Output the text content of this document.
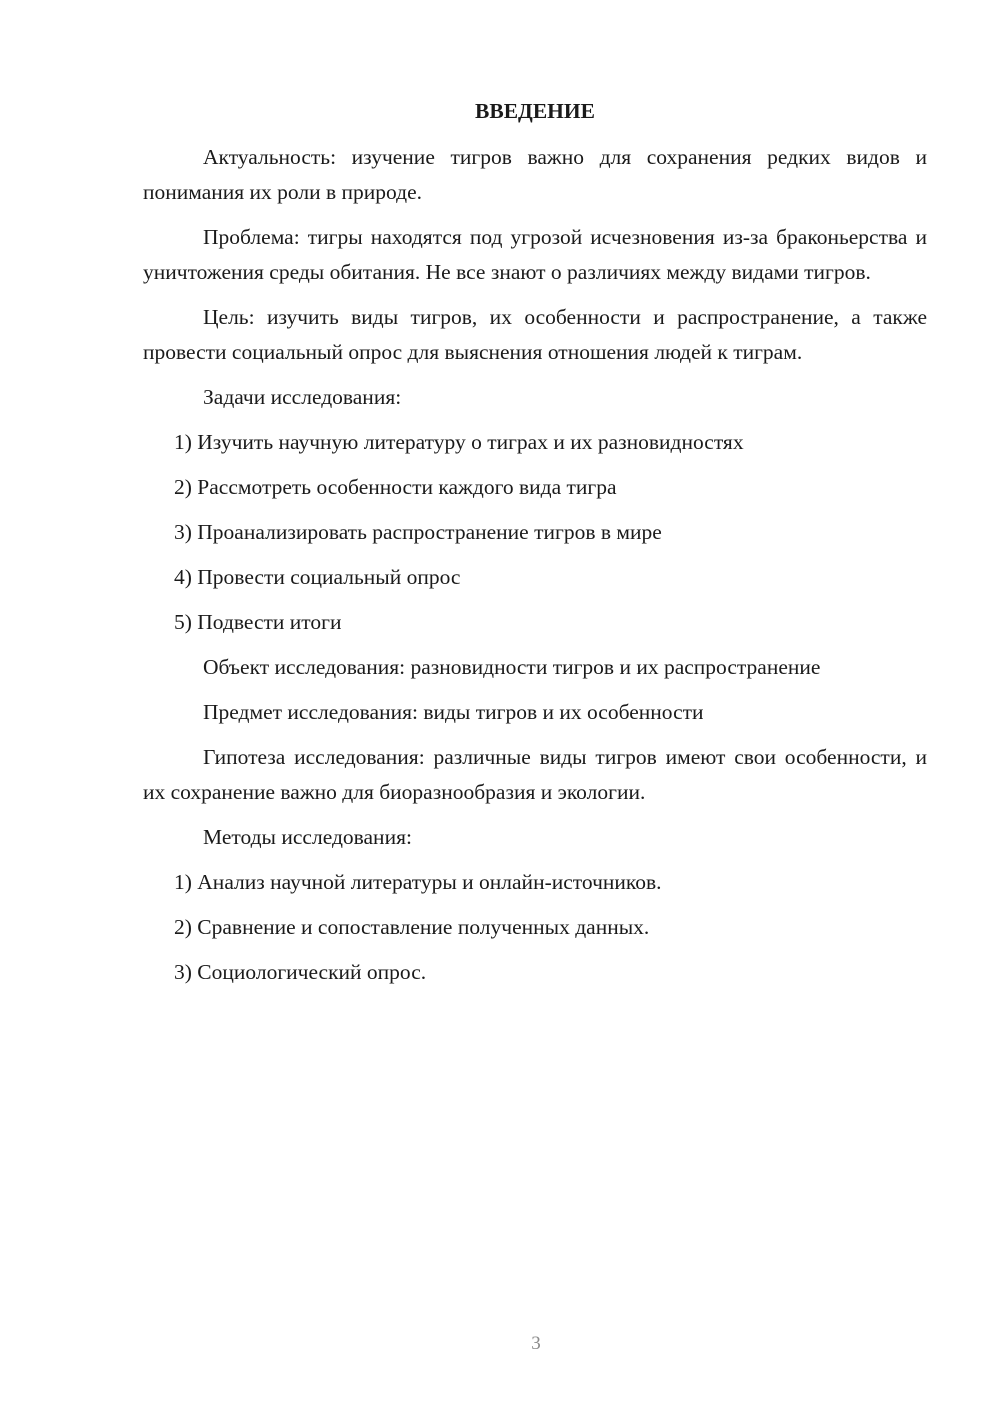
ВВЕДЕНИЕ

Актуальность: изучение тигров важно для сохранения редких видов и понимания их роли в природе.

Проблема: тигры находятся под угрозой исчезновения из-за браконьерства и уничтожения среды обитания. Не все знают о различиях между видами тигров.

Цель: изучить виды тигров, их особенности и распространение, а также провести социальный опрос для выяснения отношения людей к тиграм.

Задачи исследования:

1) Изучить научную литературу о тиграх и их разновидностях
2) Рассмотреть особенности каждого вида тигра
3) Проанализировать распространение тигров в мире
4) Провести социальный опрос
5) Подвести итоги

Объект исследования: разновидности тигров и их распространение

Предмет исследования: виды тигров и их особенности

Гипотеза исследования: различные виды тигров имеют свои особенности, и их сохранение важно для биоразнообразия и экологии.

Методы исследования:

1) Анализ научной литературы и онлайн-источников.
2) Сравнение и сопоставление полученных данных.
3) Социологический опрос.
3
